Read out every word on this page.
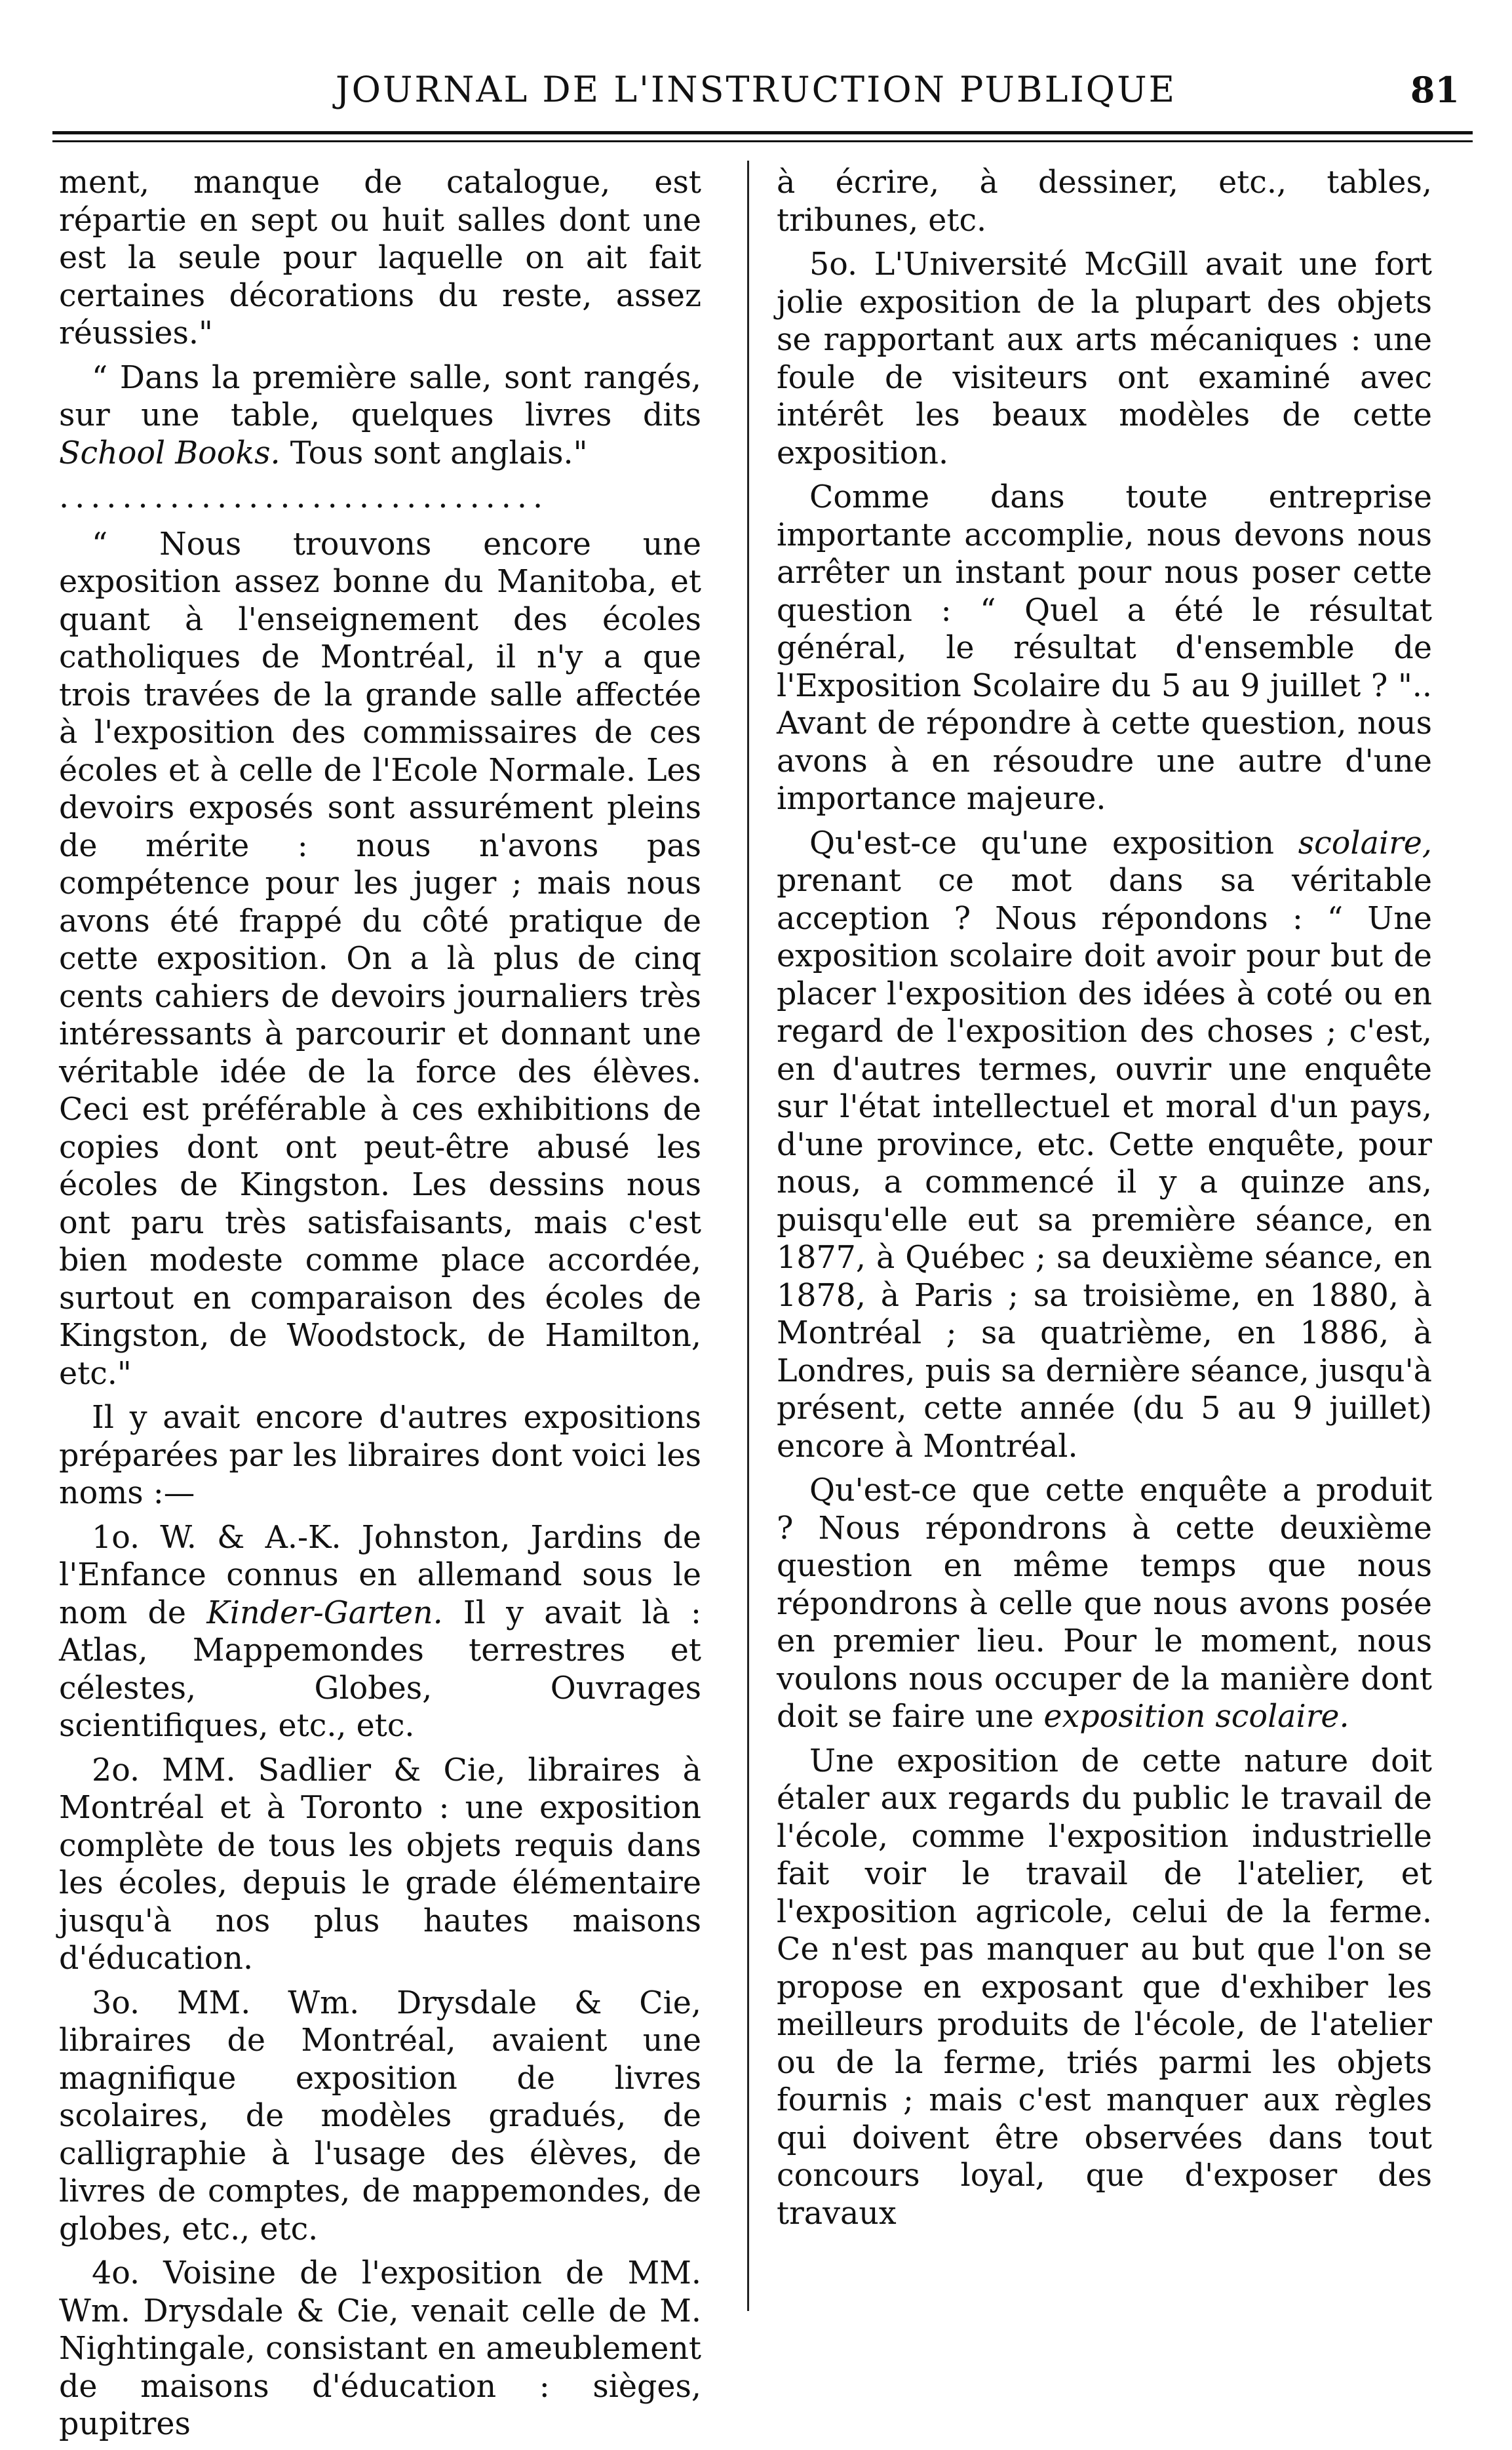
JOURNAL DE L'INSTRUCTION PUBLIQUE	81

ment, manque de catalogue, est répartie en sept ou huit salles dont une est la seule pour laquelle on ait fait certaines décorations du reste, assez réussies."

“ Dans la première salle, sont rangés, sur une table, quelques livres dits School Books. Tous sont anglais."

...............................

“ Nous trouvons encore une exposition assez bonne du Manitoba, et quant à l'enseignement des écoles catholiques de Montréal, il n'y a que trois travées de la grande salle affectée à l'exposition des commissaires de ces écoles et à celle de l'Ecole Normale. Les devoirs exposés sont assurément pleins de mérite : nous n'avons pas compétence pour les juger ; mais nous avons été frappé du côté pratique de cette exposition. On a là plus de cinq cents cahiers de devoirs journaliers très intéressants à parcourir et donnant une véritable idée de la force des élèves. Ceci est préférable à ces exhibitions de copies dont ont peut-être abusé les écoles de Kingston. Les dessins nous ont paru très satisfaisants, mais c'est bien modeste comme place accordée, surtout en comparaison des écoles de Kingston, de Woodstock, de Hamilton, etc."

Il y avait encore d'autres expositions préparées par les libraires dont voici les noms :—

1o. W. & A.-K. Johnston, Jardins de l'Enfance connus en allemand sous le nom de Kinder-Garten. Il y avait là : Atlas, Mappemondes terrestres et célestes, Globes, Ouvrages scientifiques, etc., etc.

2o. MM. Sadlier & Cie, libraires à Montréal et à Toronto : une exposition complète de tous les objets requis dans les écoles, depuis le grade élémentaire jusqu'à nos plus hautes maisons d'éducation.

3o. MM. Wm. Drysdale & Cie, libraires de Montréal, avaient une magnifique exposition de livres scolaires, de modèles gradués, de calligraphie à l'usage des élèves, de livres de comptes, de mappemondes, de globes, etc., etc.

4o. Voisine de l'exposition de MM. Wm. Drysdale & Cie, venait celle de M. Nightingale, consistant en ameublement de maisons d'éducation : sièges, pupitres

à écrire, à dessiner, etc., tables, tribunes, etc.

5o. L'Université McGill avait une fort jolie exposition de la plupart des objets se rapportant aux arts mécaniques : une foule de visiteurs ont examiné avec intérêt les beaux modèles de cette exposition.

Comme dans toute entreprise importante accomplie, nous devons nous arrêter un instant pour nous poser cette question : “ Quel a été le résultat général, le résultat d'ensemble de l'Exposition Scolaire du 5 au 9 juillet ? ".. Avant de répondre à cette question, nous avons à en résoudre une autre d'une importance majeure.

Qu'est-ce qu'une exposition scolaire, prenant ce mot dans sa véritable acception ? Nous répondons : “ Une exposition scolaire doit avoir pour but de placer l'exposition des idées à coté ou en regard de l'exposition des choses ; c'est, en d'autres termes, ouvrir une enquête sur l'état intellectuel et moral d'un pays, d'une province, etc. Cette enquête, pour nous, a commencé il y a quinze ans, puisqu'elle eut sa première séance, en 1877, à Québec ; sa deuxième séance, en 1878, à Paris ; sa troisième, en 1880, à Montréal ; sa quatrième, en 1886, à Londres, puis sa dernière séance, jusqu'à présent, cette année (du 5 au 9 juillet) encore à Montréal.

Qu'est-ce que cette enquête a produit ? Nous répondrons à cette deuxième question en même temps que nous répondrons à celle que nous avons posée en premier lieu. Pour le moment, nous voulons nous occuper de la manière dont doit se faire une exposition scolaire.

Une exposition de cette nature doit étaler aux regards du public le travail de l'école, comme l'exposition industrielle fait voir le travail de l'atelier, et l'exposition agricole, celui de la ferme. Ce n'est pas manquer au but que l'on se propose en exposant que d'exhiber les meilleurs produits de l'école, de l'atelier ou de la ferme, triés parmi les objets fournis ; mais c'est manquer aux règles qui doivent être observées dans tout concours loyal, que d'exposer des travaux
